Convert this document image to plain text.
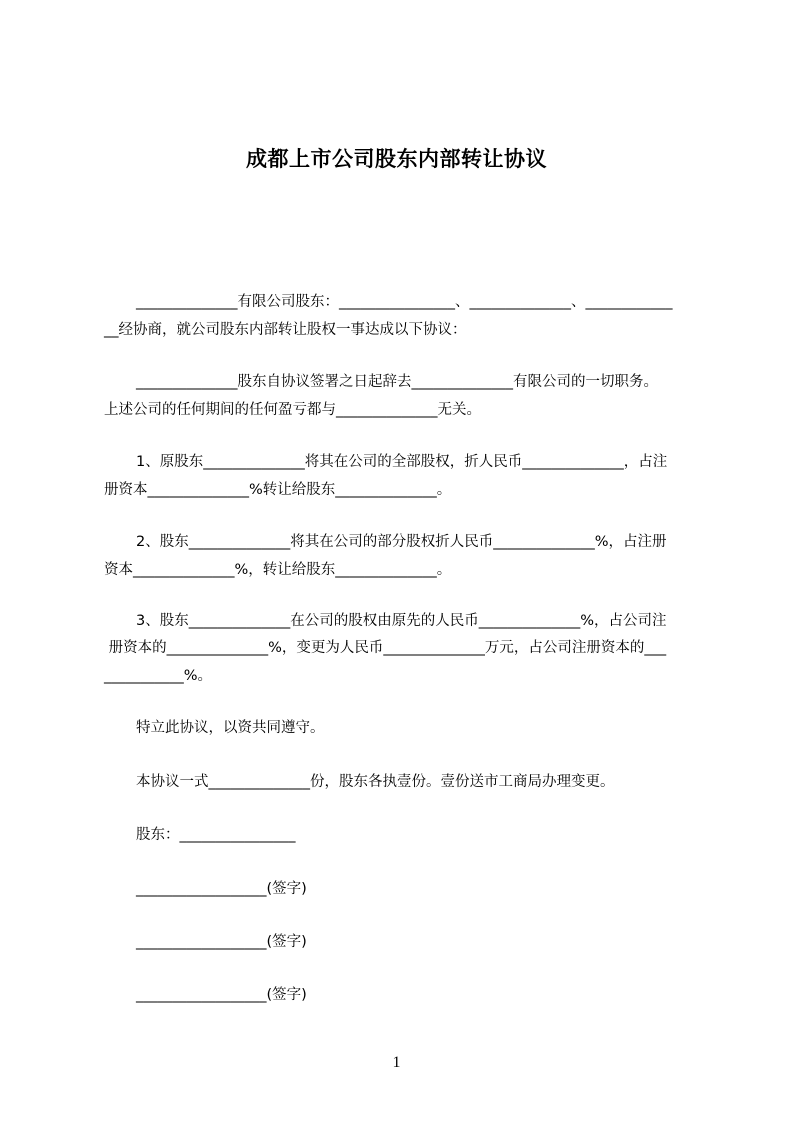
成都上市公司股东内部转让协议
______________有限公司股东：________________、______________、____________
__经协商，就公司股东内部转让股权一事达成以下协议：
______________股东自协议签署之日起辞去______________有限公司的一切职务。
上述公司的任何期间的任何盈亏都与______________无关。
1、原股东______________将其在公司的全部股权，折人民币______________，占注
册资本______________%转让给股东______________。
2、股东______________将其在公司的部分股权折人民币______________%，占注册
资本______________%，转让给股东______________。
3、股东______________在公司的股权由原先的人民币______________%，占公司注
册资本的______________%，变更为人民币______________万元，占公司注册资本的___
___________%。
特立此协议，以资共同遵守。
本协议一式______________份，股东各执壹份。壹份送市工商局办理变更。
股东：________________
__________________(签字)
__________________(签字)
__________________(签字)
1
